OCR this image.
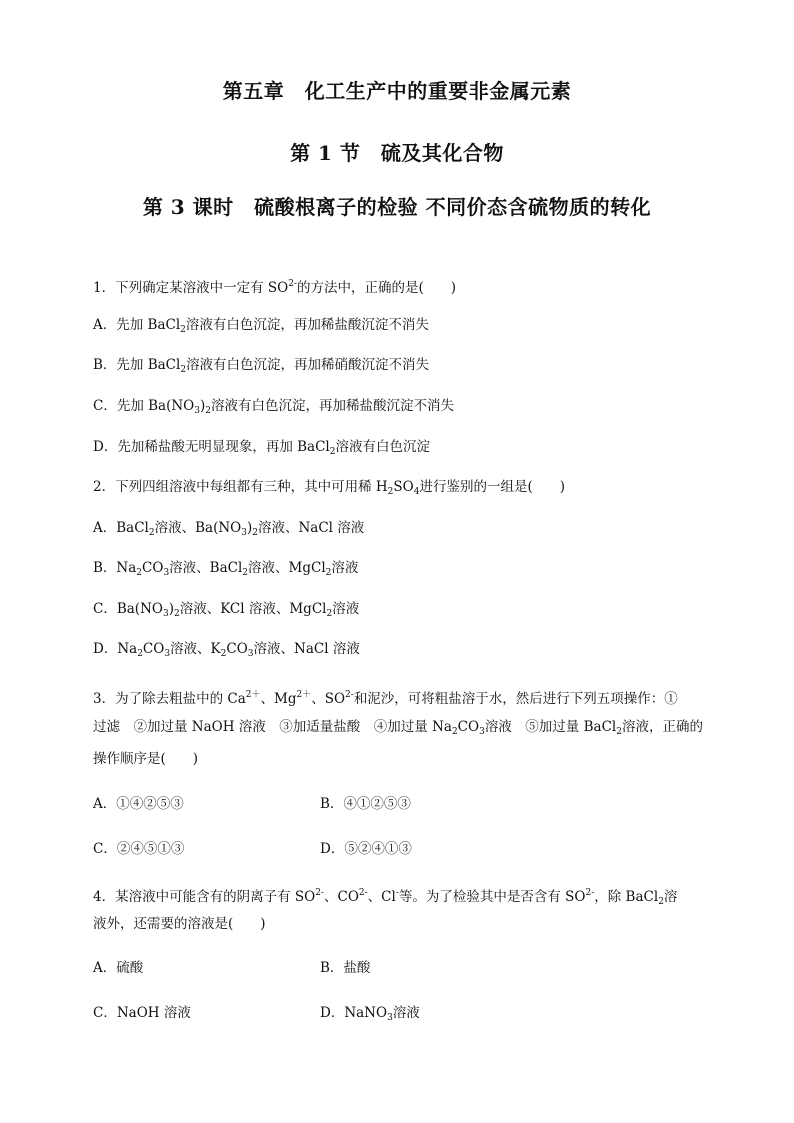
第五章　化工生产中的重要非金属元素
第 1 节　硫及其化合物
第 3 课时　硫酸根离子的检验 不同价态含硫物质的转化
1．下列确定某溶液中一定有 $SO^{2-}$的方法中，正确的是(　　)
A．先加 BaCl$_2$溶液有白色沉淀，再加稀盐酸沉淀不消失
B．先加 BaCl$_2$溶液有白色沉淀，再加稀硝酸沉淀不消失
C．先加 $Ba(NO_3)_2$溶液有白色沉淀，再加稀盐酸沉淀不消失
D．先加稀盐酸无明显现象，再加 BaCl$_2$溶液有白色沉淀
2．下列四组溶液中每组都有三种，其中可用稀 $H_2SO_4$进行鉴别的一组是(　　)
A．BaCl$_2$溶液、$Ba(NO_3)_2$溶液、NaCl 溶液
B．$Na_2CO_3$溶液、BaCl$_2$溶液、MgCl$_2$溶液
C．$Ba(NO_3)_2$溶液、KCl 溶液、MgCl$_2$溶液
D．$Na_2CO_3$溶液、$K_2CO_3$溶液、NaCl 溶液
3．为了除去粗盐中的 $Ca^{2+}$、$Mg^{2+}$、$SO^{2-}$和泥沙，可将粗盐溶于水，然后进行下列五项操作：①
过滤　②加过量 NaOH 溶液　③加适量盐酸　④加过量 $Na_2CO_3$溶液　⑤加过量 BaCl$_2$溶液，正确的
操作顺序是(　　)
A．①④②⑤③	B．④①②⑤③
C．②④⑤①③	D．⑤②④①③
4．某溶液中可能含有的阴离子有 $SO^{2-}$、$CO^{2-}$、Cl-等。为了检验其中是否含有 $SO^{2-}$，除 BaCl$_2$溶
液外，还需要的溶液是(　　)
A．硫酸	B．盐酸
C．NaOH 溶液	D．NaNO$_3$溶液
